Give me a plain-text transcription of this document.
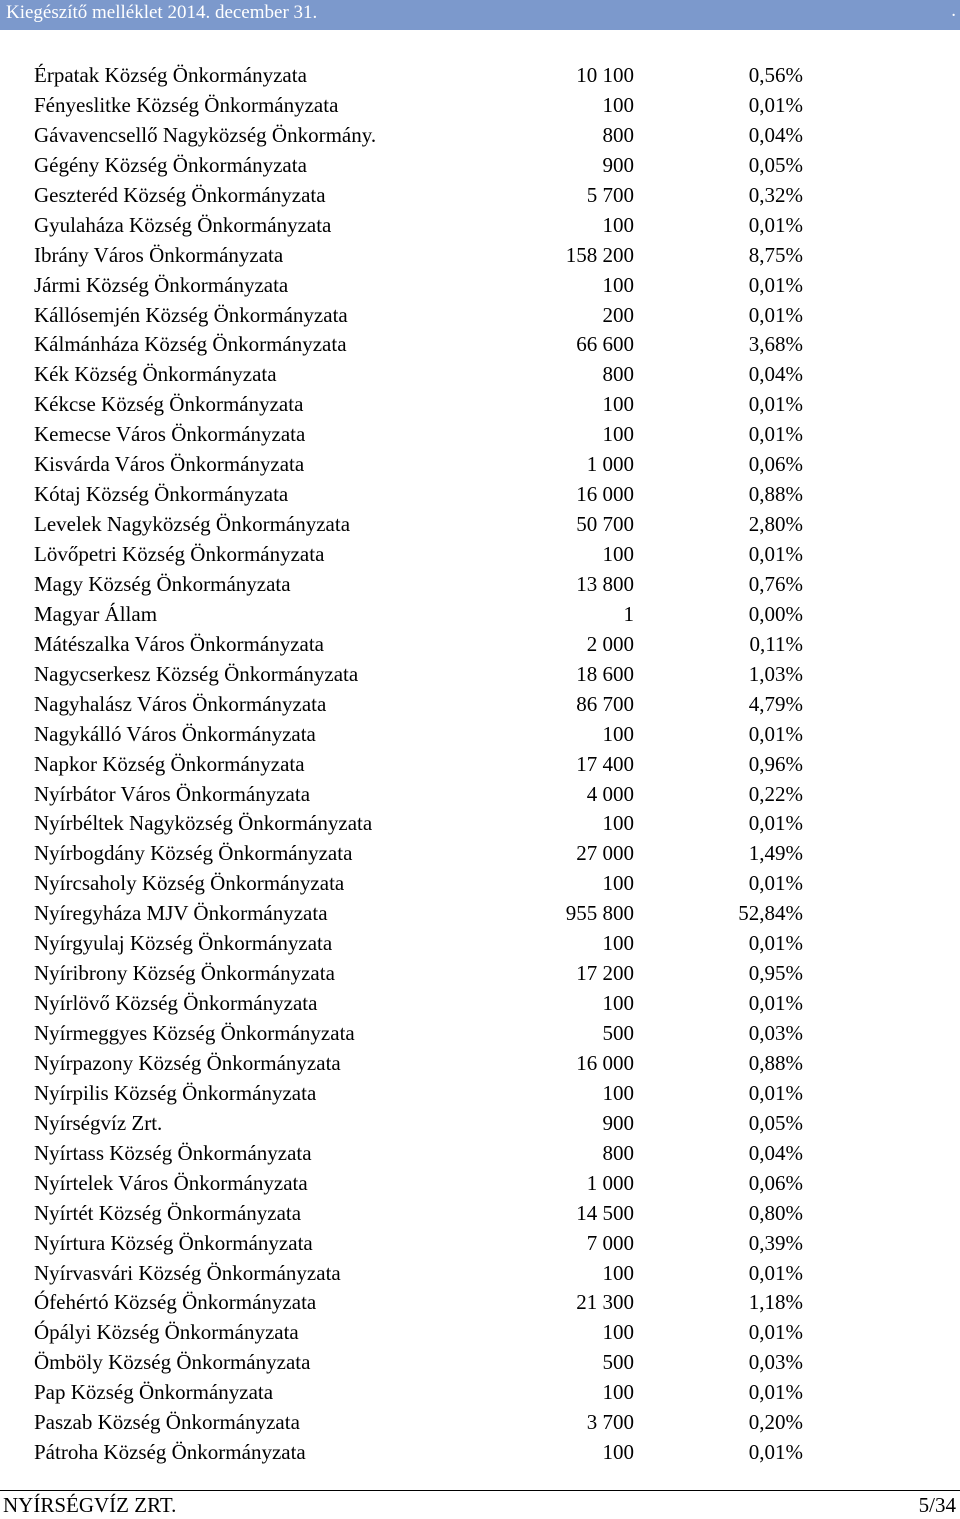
Kiegészítő melléklet 2014. december 31.	.
Érpatak Község Önkormányzata	10 100	0,56%
Fényeslitke Község Önkormányzata	100	0,01%
Gávavencsellő Nagyközség Önkormány.	800	0,04%
Gégény Község Önkormányzata	900	0,05%
Geszteréd Község Önkormányzata	5 700	0,32%
Gyulaháza Község Önkormányzata	100	0,01%
Ibrány Város Önkormányzata	158 200	8,75%
Jármi Község Önkormányzata	100	0,01%
Kállósemjén Község Önkormányzata	200	0,01%
Kálmánháza Község Önkormányzata	66 600	3,68%
Kék Község Önkormányzata	800	0,04%
Kékcse Község Önkormányzata	100	0,01%
Kemecse Város Önkormányzata	100	0,01%
Kisvárda Város Önkormányzata	1 000	0,06%
Kótaj Község Önkormányzata	16 000	0,88%
Levelek Nagyközség Önkormányzata	50 700	2,80%
Lövőpetri Község Önkormányzata	100	0,01%
Magy Község Önkormányzata	13 800	0,76%
Magyar Állam	1	0,00%
Mátészalka Város Önkormányzata	2 000	0,11%
Nagycserkesz Község Önkormányzata	18 600	1,03%
Nagyhalász Város Önkormányzata	86 700	4,79%
Nagykálló Város Önkormányzata	100	0,01%
Napkor Község Önkormányzata	17 400	0,96%
Nyírbátor Város Önkormányzata	4 000	0,22%
Nyírbéltek Nagyközség Önkormányzata	100	0,01%
Nyírbogdány Község Önkormányzata	27 000	1,49%
Nyírcsaholy Község Önkormányzata	100	0,01%
Nyíregyháza MJV Önkormányzata	955 800	52,84%
Nyírgyulaj Község Önkormányzata	100	0,01%
Nyíribrony Község Önkormányzata	17 200	0,95%
Nyírlövő Község Önkormányzata	100	0,01%
Nyírmeggyes Község Önkormányzata	500	0,03%
Nyírpazony Község Önkormányzata	16 000	0,88%
Nyírpilis Község Önkormányzata	100	0,01%
Nyírségvíz Zrt.	900	0,05%
Nyírtass Község Önkormányzata	800	0,04%
Nyírtelek Város Önkormányzata	1 000	0,06%
Nyírtét Község Önkormányzata	14 500	0,80%
Nyírtura Község Önkormányzata	7 000	0,39%
Nyírvasvári Község Önkormányzata	100	0,01%
Ófehértó Község Önkormányzata	21 300	1,18%
Ópályi Község Önkormányzata	100	0,01%
Ömböly Község Önkormányzata	500	0,03%
Pap Község Önkormányzata	100	0,01%
Paszab Község Önkormányzata	3 700	0,20%
Pátroha Község Önkormányzata	100	0,01%
NYÍRSÉGVÍZ ZRT.	5/34
